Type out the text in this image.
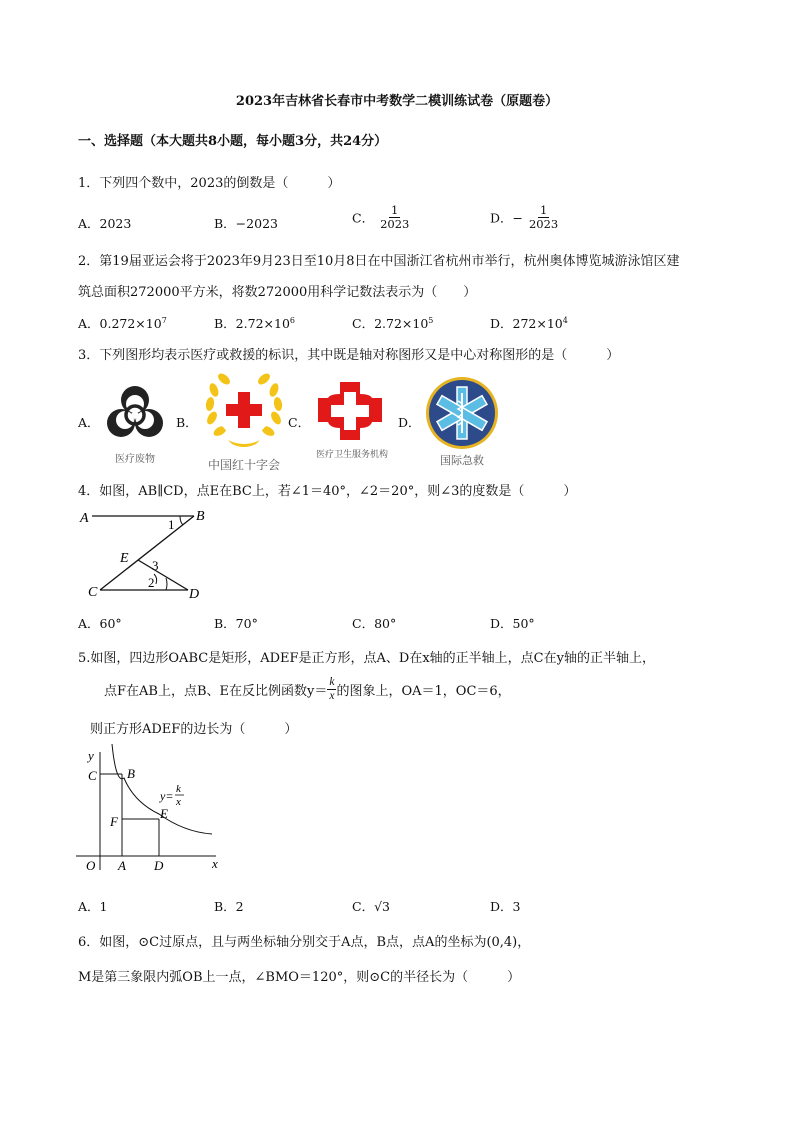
2023年吉林省长春市中考数学二模训练试卷（原题卷）
一、选择题（本大题共8小题，每小题3分，共24分）
1．下列四个数中，2023的倒数是（　　　）
A．2023	B．−2023	C． $\frac{1}{2023}$	D．− $\frac{1}{2023}$
2．第19届亚运会将于2023年9月23日至10月8日在中国浙江省杭州市举行，杭州奥体博览城游泳馆区建
筑总面积272000平方米，将数272000用科学记数法表示为（　　）
A．$0.272\times 10^7$	B．$2.72\times 10^6$	C．$2.72\times 10^5$	D．$272\times 10^4$
3．下列图形均表示医疗或救援的标识，其中既是轴对称图形又是中心对称图形的是（　　　）
A．	B．	C．	D．
医疗废物	中国红十字会
医疗卫生服务机构	国际急救
4．如图，AB∥CD，点E在BC上，若∠1＝40°，∠2＝20°，则∠3的度数是（　　　）
A	B
C	D
E
1
2
3
A．60°	B．70°	C．80°	D．50°
5.如图，四边形OABC是矩形，ADEF是正方形，点A、D在x轴的正半轴上，点C在y轴的正半轴上，
点F在AB上，点B、E在反比例函数$y= \frac{k}{x}$ 的图象上，OA＝1，OC＝6，
则正方形ADEF的边长为（　　　）
y
x
O A D
C B
F
E
y= k
x
A．1	B．2	C．√3	D．3
6．如图，⊙C过原点，且与两坐标轴分别交于A点，B点，点A的坐标为(0,4)，
M是第三象限内弧OB上一点，∠BMO＝120°，则⊙C的半径长为（　　　）
